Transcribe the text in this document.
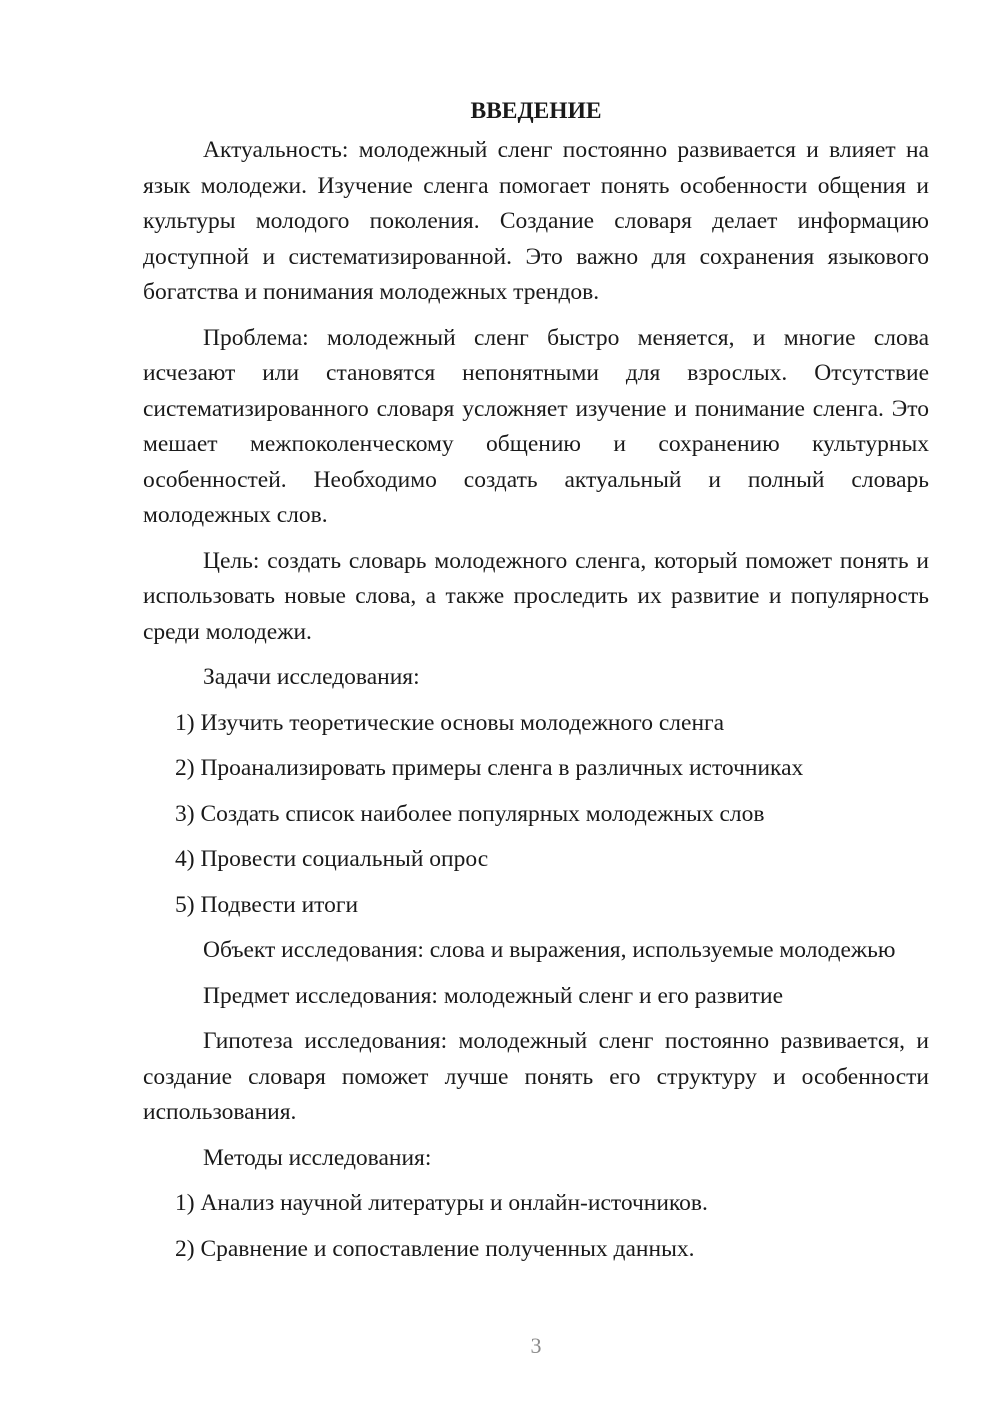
ВВЕДЕНИЕ

Актуальность: молодежный сленг постоянно развивается и влияет на язык молодежи. Изучение сленга помогает понять особенности общения и культуры молодого поколения. Создание словаря делает информацию доступной и систематизированной. Это важно для сохранения языкового богатства и понимания молодежных трендов.

Проблема: молодежный сленг быстро меняется, и многие слова исчезают или становятся непонятными для взрослых. Отсутствие систематизированного словаря усложняет изучение и понимание сленга. Это мешает межпоколенческому общению и сохранению культурных особенностей. Необходимо создать актуальный и полный словарь молодежных слов.

Цель: создать словарь молодежного сленга, который поможет понять и использовать новые слова, а также проследить их развитие и популярность среди молодежи.

Задачи исследования:
1) Изучить теоретические основы молодежного сленга
2) Проанализировать примеры сленга в различных источниках
3) Создать список наиболее популярных молодежных слов
4) Провести социальный опрос
5) Подвести итоги

Объект исследования: слова и выражения, используемые молодежью

Предмет исследования: молодежный сленг и его развитие

Гипотеза исследования: молодежный сленг постоянно развивается, и создание словаря поможет лучше понять его структуру и особенности использования.

Методы исследования:
1) Анализ научной литературы и онлайн-источников.
2) Сравнение и сопоставление полученных данных.
3
